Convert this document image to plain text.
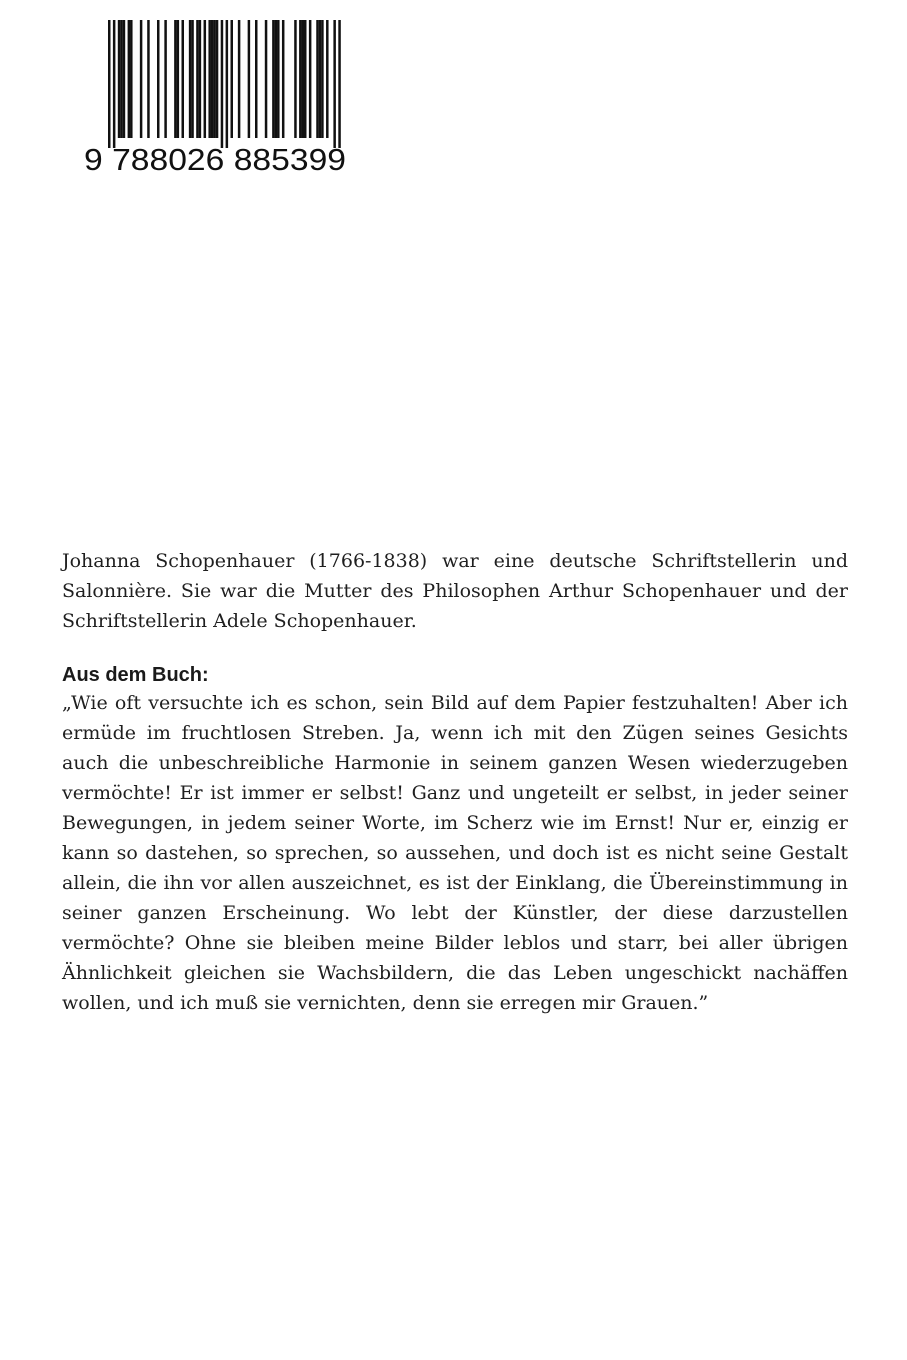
9 788026 885399

Johanna Schopenhauer (1766-1838) war eine deutsche Schriftstellerin und Salonnière. Sie war die Mutter des Philosophen Arthur Schopenhauer und der Schriftstellerin Adele Schopenhauer.

Aus dem Buch:

„Wie oft versuchte ich es schon, sein Bild auf dem Papier festzuhalten! Aber ich ermüde im fruchtlosen Streben. Ja, wenn ich mit den Zügen seines Gesichts auch die unbeschreibliche Harmonie in seinem ganzen Wesen wiederzugeben vermöchte! Er ist immer er selbst! Ganz und ungeteilt er selbst, in jeder seiner Bewegungen, in jedem seiner Worte, im Scherz wie im Ernst! Nur er, einzig er kann so dastehen, so sprechen, so aussehen, und doch ist es nicht seine Gestalt allein, die ihn vor allen auszeichnet, es ist der Einklang, die Übereinstimmung in seiner ganzen Erscheinung. Wo lebt der Künstler, der diese darzustellen vermöchte? Ohne sie bleiben meine Bilder leblos und starr, bei aller übrigen Ähnlichkeit gleichen sie Wachsbildern, die das Leben ungeschickt nachäffen wollen, und ich muß sie vernichten, denn sie erregen mir Grauen.”
